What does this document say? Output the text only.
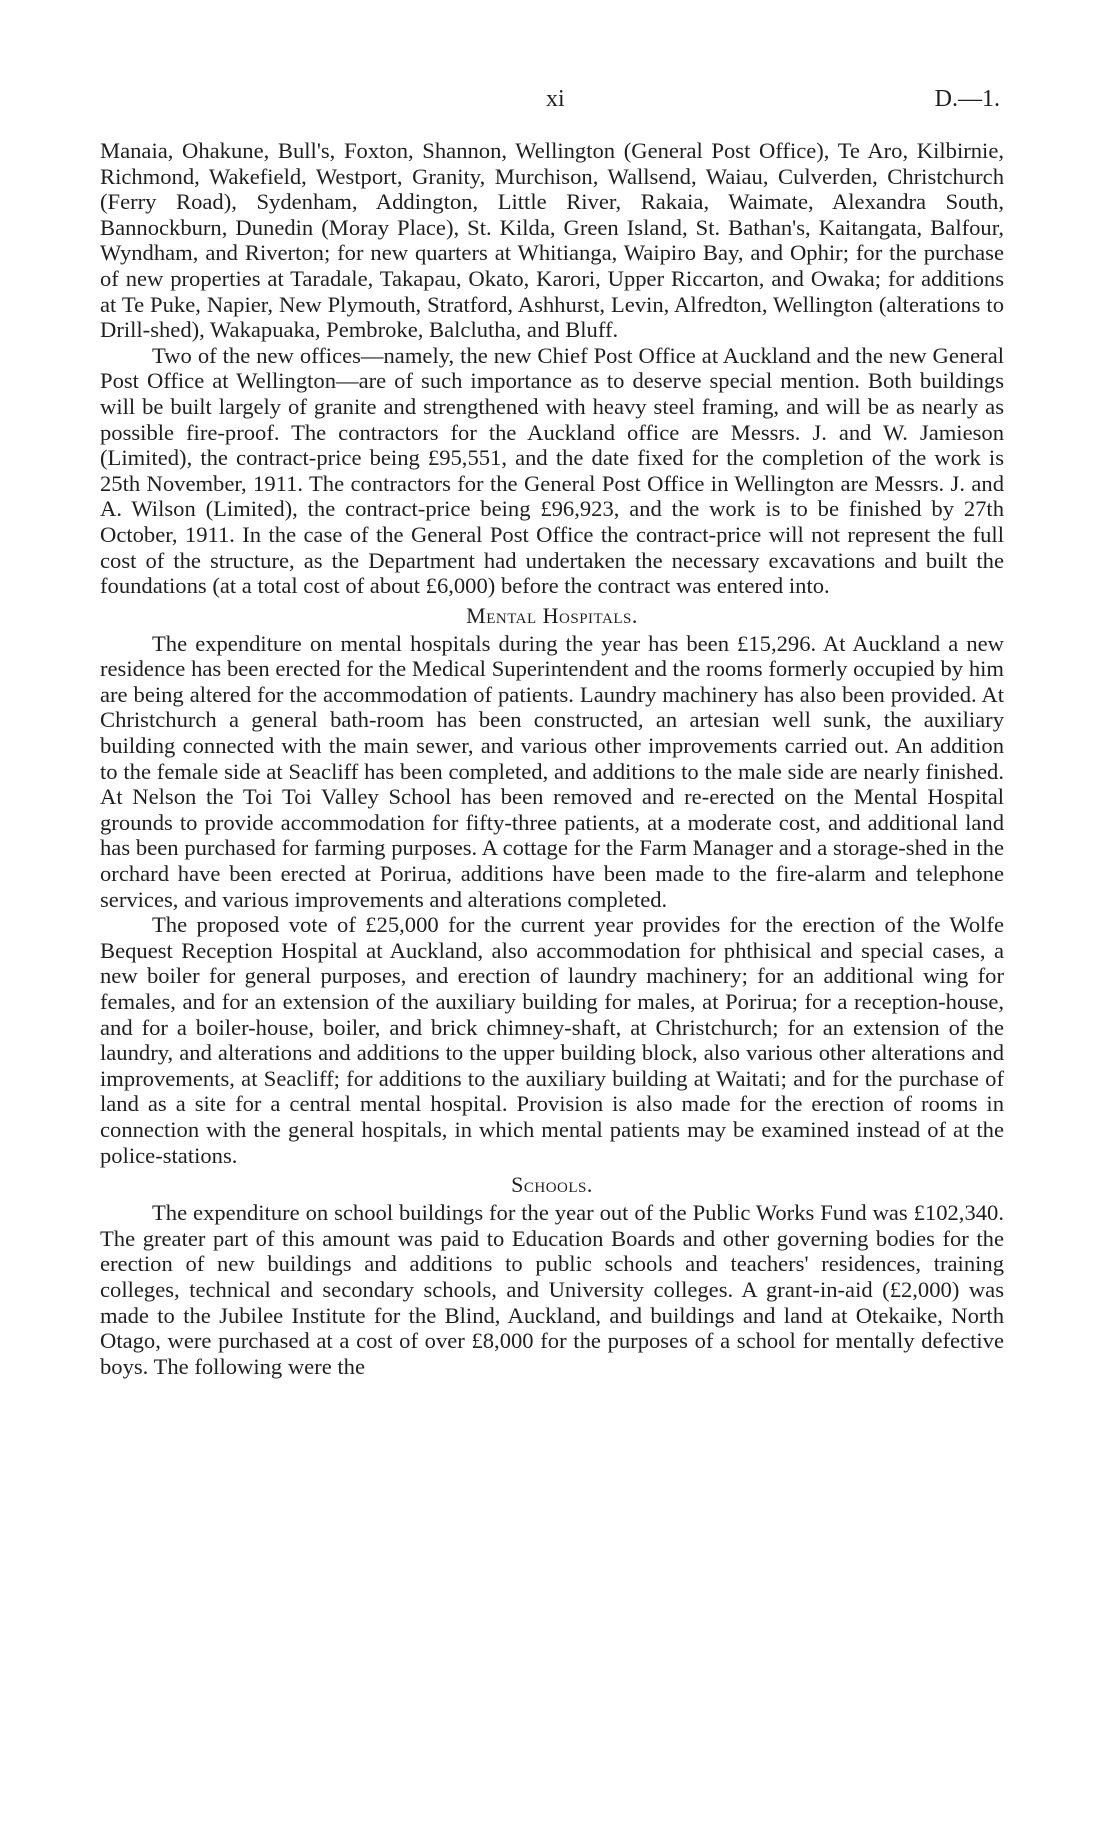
xi	D.—1.

Manaia, Ohakune, Bull's, Foxton, Shannon, Wellington (General Post Office), Te Aro, Kilbirnie, Richmond, Wakefield, Westport, Granity, Murchison, Wallsend, Waiau, Culverden, Christchurch (Ferry Road), Sydenham, Addington, Little River, Rakaia, Waimate, Alexandra South, Bannockburn, Dunedin (Moray Place), St. Kilda, Green Island, St. Bathan's, Kaitangata, Balfour, Wyndham, and Riverton; for new quarters at Whitianga, Waipiro Bay, and Ophir; for the purchase of new properties at Taradale, Takapau, Okato, Karori, Upper Riccarton, and Owaka; for additions at Te Puke, Napier, New Plymouth, Stratford, Ashhurst, Levin, Alfredton, Wellington (alterations to Drill-shed), Wakapuaka, Pembroke, Balclutha, and Bluff.

Two of the new offices—namely, the new Chief Post Office at Auckland and the new General Post Office at Wellington—are of such importance as to deserve special mention. Both buildings will be built largely of granite and strengthened with heavy steel framing, and will be as nearly as possible fire-proof. The contractors for the Auckland office are Messrs. J. and W. Jamieson (Limited), the contract-price being £95,551, and the date fixed for the completion of the work is 25th November, 1911. The contractors for the General Post Office in Wellington are Messrs. J. and A. Wilson (Limited), the contract-price being £96,923, and the work is to be finished by 27th October, 1911. In the case of the General Post Office the contract-price will not represent the full cost of the structure, as the Department had undertaken the necessary excavations and built the foundations (at a total cost of about £6,000) before the contract was entered into.

Mental Hospitals.

The expenditure on mental hospitals during the year has been £15,296. At Auckland a new residence has been erected for the Medical Superintendent and the rooms formerly occupied by him are being altered for the accommodation of patients. Laundry machinery has also been provided. At Christchurch a general bath-room has been constructed, an artesian well sunk, the auxiliary building connected with the main sewer, and various other improvements carried out. An addition to the female side at Seacliff has been completed, and additions to the male side are nearly finished. At Nelson the Toi Toi Valley School has been removed and re-erected on the Mental Hospital grounds to provide accommodation for fifty-three patients, at a moderate cost, and additional land has been purchased for farming purposes. A cottage for the Farm Manager and a storage-shed in the orchard have been erected at Porirua, additions have been made to the fire-alarm and telephone services, and various improvements and alterations completed.

The proposed vote of £25,000 for the current year provides for the erection of the Wolfe Bequest Reception Hospital at Auckland, also accommodation for phthisical and special cases, a new boiler for general purposes, and erection of laundry machinery; for an additional wing for females, and for an extension of the auxiliary building for males, at Porirua; for a reception-house, and for a boiler-house, boiler, and brick chimney-shaft, at Christchurch; for an extension of the laundry, and alterations and additions to the upper building block, also various other alterations and improvements, at Seacliff; for additions to the auxiliary building at Waitati; and for the purchase of land as a site for a central mental hospital. Provision is also made for the erection of rooms in connection with the general hospitals, in which mental patients may be examined instead of at the police-stations.

Schools.

The expenditure on school buildings for the year out of the Public Works Fund was £102,340. The greater part of this amount was paid to Education Boards and other governing bodies for the erection of new buildings and additions to public schools and teachers' residences, training colleges, technical and secondary schools, and University colleges. A grant-in-aid (£2,000) was made to the Jubilee Institute for the Blind, Auckland, and buildings and land at Otekaike, North Otago, were purchased at a cost of over £8,000 for the purposes of a school for mentally defective boys. The following were the
